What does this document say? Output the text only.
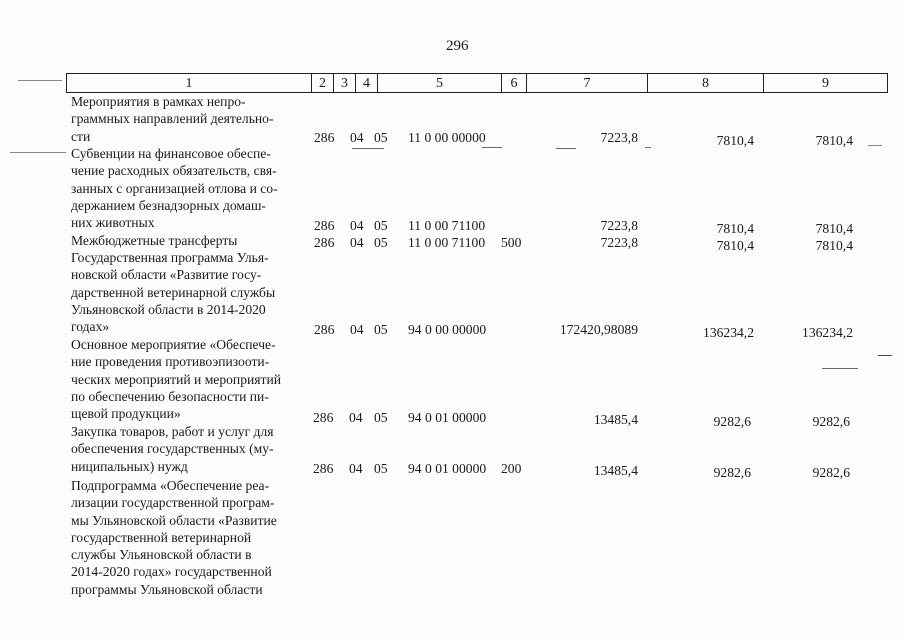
296
1	2	3	4	5	6	7	8	9
Мероприятия в рамках непро-
граммных направлений деятельно-
сти	286 04 05 11 0 00 00000	7223,8	7810,4	7810,4
Субвенции на финансовое обеспе-
чение расходных обязательств, свя-
занных с организацией отлова и со-
держанием безнадзорных домаш-
них животных	286 04 05 11 0 00 71100	7223,8	7810,4	7810,4
Межбюджетные трансферты	286 04 05 11 0 00 71100 500	7223,8	7810,4	7810,4
Государственная программа Улья-
новской области «Развитие госу-
дарственной ветеринарной службы
Ульяновской области в 2014-2020
годах»	286 04 05 94 0 00 00000	172420,98089	136234,2	136234,2
Основное мероприятие «Обеспече-
ние проведения противоэпизооти-
ческих мероприятий и мероприятий
по обеспечению безопасности пи-
щевой продукции»	286 04 05 94 0 01 00000	13485,4	9282,6	9282,6
Закупка товаров, работ и услуг для
обеспечения государственных (му-
ниципальных) нужд	286 04 05 94 0 01 00000 200	13485,4	9282,6	9282,6
Подпрограмма «Обеспечение реа-
лизации государственной програм-
мы Ульяновской области «Развитие
государственной ветеринарной
службы Ульяновской области в
2014-2020 годах» государственной
программы Ульяновской области
